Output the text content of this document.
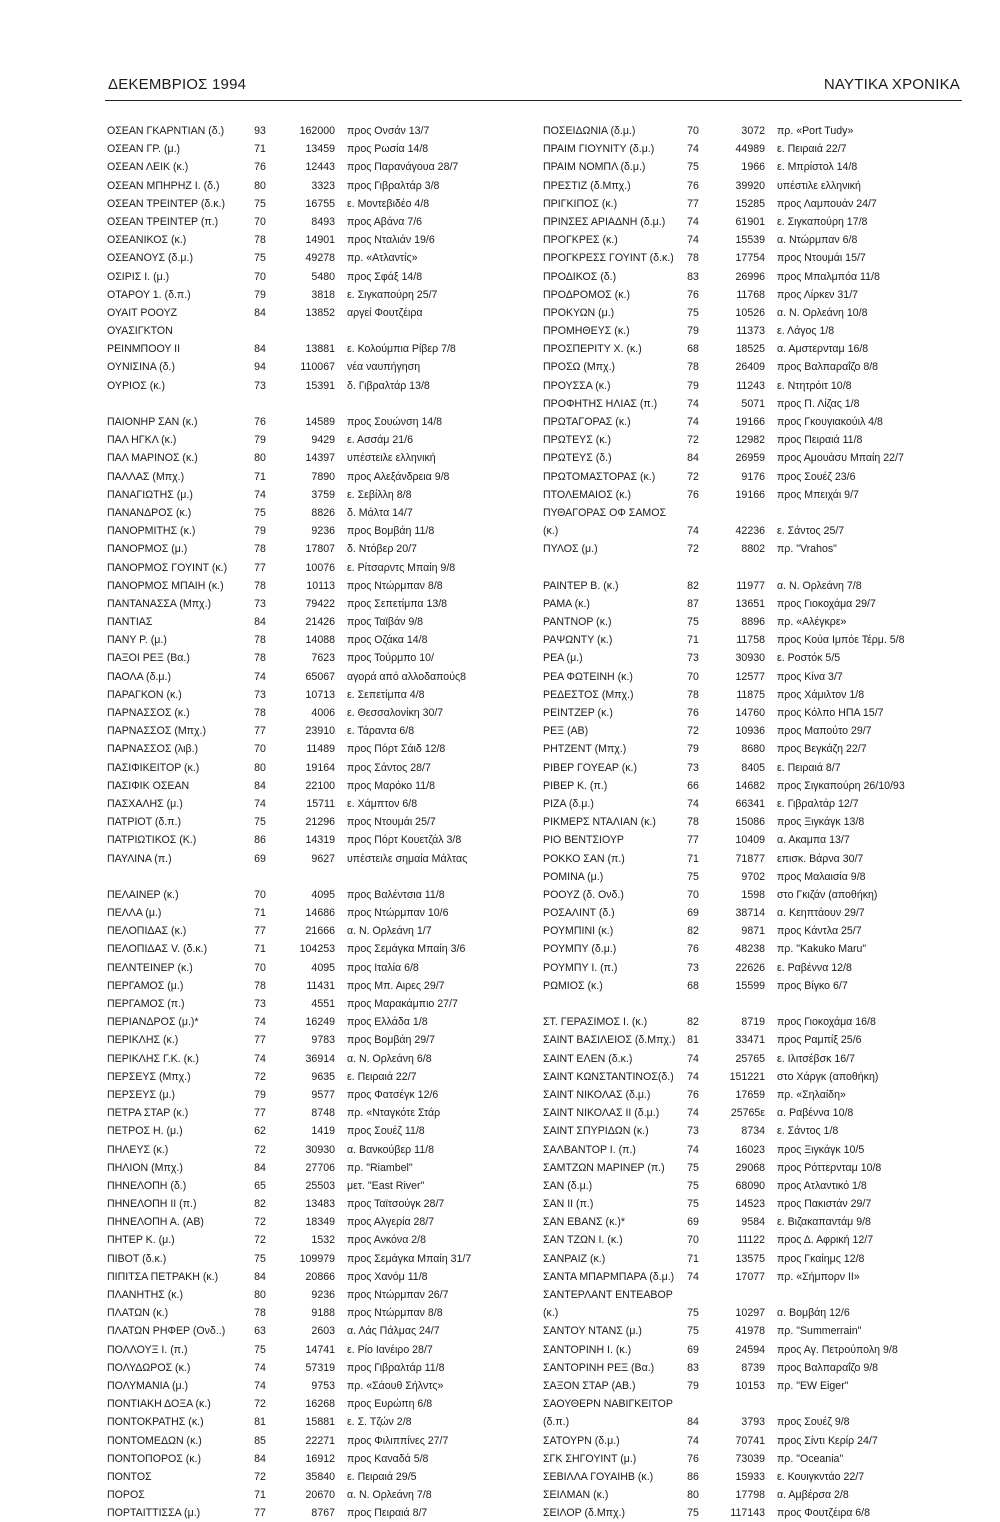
ΔΕΚΕΜΒΡΙΟΣ 1994	ΝΑΥΤΙΚΑ ΧΡΟΝΙΚΑ
ΟΣΕΑΝ ΓΚΑΡΝΤΙΑΝ (δ.)	93	162000 προς Ονσάν 13/7
ΟΣΕΑΝ ΓΡ. (μ.)	71	13459 προς Ρωσία 14/8
ΟΣΕΑΝ ΛΕΙΚ (κ.)	76	12443 προς Παρανάγουα 28/7
ΟΣΕΑΝ ΜΠΗΡΗΖ Ι. (δ.)	80	3323 προς Γιβραλτάρ 3/8
ΟΣΕΑΝ ΤΡΕΙΝΤΕΡ (δ.κ.)	75	16755 ε. Μοντεβιδέο 4/8
ΟΣΕΑΝ ΤΡΕΙΝΤΕΡ (π.)	70	8493 προς Αβάνα 7/6
ΟΣΕΑΝΙΚΟΣ (κ.)	78	14901 προς Νταλιάν 19/6
ΟΣΕΑΝΟΥΣ (δ.μ.)	75	49278 πρ. «Ατλαντίς»
ΟΣΙΡΙΣ Ι. (μ.)	70	5480 προς Σφάξ 14/8
ΟΤΑΡΟΥ 1. (δ.π.)	79	3818 ε. Σιγκαπούρη 25/7
ΟΥΑΙΤ ΡΟΟΥΖ	84	13852 αργεί Φουτζέιρα
ΟΥΑΣΙΓΚΤΟΝ
ΡΕΙΝΜΠΟΟΥ ΙΙ	84	13881 ε. Κολούμπια Ρίβερ 7/8
ΟΥΝΙΣΙΝΑ (δ.)	94	110067 νέα ναυπήγηση
ΟΥΡΙΟΣ (κ.)	73	15391 δ. Γιβραλτάρ 13/8
ΠΑΙΟΝΗΡ ΣΑΝ (κ.)	76	14589 προς Σουώνση 14/8
ΠΑΛ ΗΓΚΛ (κ.)	79	9429 ε. Ασσάμ 21/6
ΠΑΛ ΜΑΡΙΝΟΣ (κ.)	80	14397 υπέστειλε ελληνική
ΠΑΛΛΑΣ (Μπχ.)	71	7890 προς Αλεξάνδρεια 9/8
ΠΑΝΑΓΙΩΤΗΣ (μ.)	74	3759 ε. Σεβίλλη 8/8
ΠΑΝΑΝΔΡΟΣ (κ.)	75	8826 δ. Μάλτα 14/7
ΠΑΝΟΡΜΙΤΗΣ (κ.)	79	9236 προς Βομβάη 11/8
ΠΑΝΟΡΜΟΣ (μ.)	78	17807 δ. Ντόβερ 20/7
ΠΑΝΟΡΜΟΣ ΓΟΥΙΝΤ (κ.)	77	10076 ε. Ρίτσαρντς Μπαίη 9/8
ΠΑΝΟΡΜΟΣ ΜΠΑΙΗ (κ.)	78	10113 προς Ντώρμπαν 8/8
ΠΑΝΤΑΝΑΣΣΑ (Μπχ.)	73	79422 προς Σεπετίμπα 13/8
ΠΑΝΤΙΑΣ	84	21426 προς Ταϊβάν 9/8
ΠΑΝΥ Ρ. (μ.)	78	14088 προς Οζάκα 14/8
ΠΑΞΟΙ ΡΕΞ (Βα.)	78	7623 προς Τούρμπο 10/
ΠΑΟΛΑ (δ.μ.)	74	65067 αγορά από αλλοδαπούς8
ΠΑΡΑΓΚΟΝ (κ.)	73	10713 ε. Σεπετίμπα 4/8
ΠΑΡΝΑΣΣΟΣ (κ.)	78	4006 ε. Θεσσαλονίκη 30/7
ΠΑΡΝΑΣΣΟΣ (Μπχ.)	77	23910 ε. Τάραντα 6/8
ΠΑΡΝΑΣΣΟΣ (λιβ.)	70	11489 προς Πόρτ Σάιδ 12/8
ΠΑΣΙΦΙΚΕΙΤΟΡ (κ.)	80	19164 προς Σάντος 28/7
ΠΑΣΙΦΙΚ ΟΣΕΑΝ	84	22100 προς Μαρόκο 11/8
ΠΑΣΧΑΛΗΣ (μ.)	74	15711 ε. Χάμπτον 6/8
ΠΑΤΡΙΟΤ (δ.π.)	75	21296 προς Ντουμάι 25/7
ΠΑΤΡΙΩΤΙΚΟΣ (Κ.)	86	14319 προς Πόρτ Κουετζάλ 3/8
ΠΑΥΛΙΝΑ (π.)	69	9627 υπέστειλε σημαία Μάλτας
ΠΕΛΑΙΝΕΡ (κ.)	70	4095 προς Βαλέντσια 11/8
ΠΕΛΛΑ (μ.)	71	14686 προς Ντώρμπαν 10/6
ΠΕΛΟΠΙΔΑΣ (κ.)	77	21666 α. Ν. Ορλεάνη 1/7
ΠΕΛΟΠΙΔΑΣ V. (δ.κ.)	71	104253 προς Σεμάγκα Μπαίη 3/6
ΠΕΛΝΤΕΙΝΕΡ (κ.)	70	4095 προς Ιταλία 6/8
ΠΕΡΓΑΜΟΣ (μ.)	78	11431 προς Μπ. Αιρες 29/7
ΠΕΡΓΑΜΟΣ (π.)	73	4551 προς Μαρακάμπιο 27/7
ΠΕΡΙΑΝΔΡΟΣ (μ.)*	74	16249 προς Ελλάδα 1/8
ΠΕΡΙΚΛΗΣ (κ.)	77	9783 προς Βομβάη 29/7
ΠΕΡΙΚΛΗΣ Γ.Κ. (κ.)	74	36914 α. Ν. Ορλεάνη 6/8
ΠΕΡΣΕΥΣ (Μπχ.)	72	9635 ε. Πειραιά 22/7
ΠΕΡΣΕΥΣ (μ.)	79	9577 προς Φατσέγκ 12/6
ΠΕΤΡΑ ΣΤΑΡ (κ.)	77	8748 πρ. «Νταγκότε Στάρ
ΠΕΤΡΟΣ Η. (μ.)	62	1419 προς Σουέζ 11/8
ΠΗΛΕΥΣ (κ.)	72	30930 α. Βανκούβερ 11/8
ΠΗΛΙΟΝ (Μπχ.)	84	27706 πρ. "Riambel"
ΠΗΝΕΛΟΠΗ (δ.)	65	25503 μετ. "East River"
ΠΗΝΕΛΟΠΗ ΙΙ (π.)	82	13483 προς Ταϊτσούγκ 28/7
ΠΗΝΕΛΟΠΗ Α. (ΑΒ)	72	18349 προς Αλγερία 28/7
ΠΗΤΕΡ Κ. (μ.)	72	1532 προς Ανκόνα 2/8
ΠΙΒΟΤ (δ.κ.)	75	109979 προς Σεμάγκα Μπαίη 31/7
ΠΙΠΙΤΣΑ ΠΕΤΡΑΚΗ (κ.)	84	20866 προς Χανόμ 11/8
ΠΛΑΝΗΤΗΣ (κ.)	80	9236 προς Ντώρμπαν 26/7
ΠΛΑΤΩΝ (κ.)	78	9188 προς Ντώρμπαν 8/8
ΠΛΑΤΩΝ ΡΗΦΕΡ (Ονδ..)	63	2603 α. Λάς Πάλμας 24/7
ΠΟΛΛΟΥΞ Ι. (π.)	75	14741 ε. Ρίο Ιανέιρο 28/7
ΠΟΛΥΔΩΡΟΣ (κ.)	74	57319 προς Γιβραλτάρ 11/8
ΠΟΛΥΜΑΝΙΑ (μ.)	74	9753 πρ. «Σάουθ Σήλντς»
ΠΟΝΤΙΑΚΗ ΔΟΞΑ (κ.)	72	16268 προς Ευρώπη 6/8
ΠΟΝΤΟΚΡΑΤΗΣ (κ.)	81	15881 ε. Σ. Τζών 2/8
ΠΟΝΤΟΜΕΔΩΝ (κ.)	85	22271 προς Φιλιππίνες 27/7
ΠΟΝΤΟΠΟΡΟΣ (κ.)	84	16912 προς Καναδά 5/8
ΠΟΝΤΟΣ	72	35840 ε. Πειραιά 29/5
ΠΟΡΟΣ	71	20670 α. Ν. Ορλεάνη 7/8
ΠΟΡΤΑΙΤΤΙΣΣΑ (μ.)	77	8767 προς Πειραιά 8/7
ΠΟΣΕΙΔΩΝΙΑ (δ.μ.)	70	3072 πρ. «Port Tudy»
ΠΡΑΙΜ ΓΙΟΥΝΙΤΥ (δ.μ.)	74	44989 ε. Πειραιά 22/7
ΠΡΑΙΜ ΝΟΜΠΛ (δ.μ.)	75	1966 ε. Μπρίστολ 14/8
ΠΡΕΣΤΙΖ (δ.Μπχ.)	76	39920 υπέστιλε ελληνική
ΠΡΙΓΚΙΠΟΣ (κ.)	77	15285 προς Λαμπουάν 24/7
ΠΡΙΝΣΕΣ ΑΡΙΑΔΝΗ (δ.μ.)	74	61901 ε. Σιγκαπούρη 17/8
ΠΡΟΓΚΡΕΣ (κ.)	74	15539 α. Ντώρμπαν 6/8
ΠΡΟΓΚΡΕΣΣ ΓΟΥΙΝΤ (δ.κ.)	78	17754 προς Ντουμάι 15/7
ΠΡΟΔΙΚΟΣ (δ.)	83	26996 προς Μπαλμπόα 11/8
ΠΡΟΔΡΟΜΟΣ (κ.)	76	11768 προς Λίρκεν 31/7
ΠΡΟΚΥΩΝ (μ.)	75	10526 α. Ν. Ορλεάνη 10/8
ΠΡΟΜΗΘΕΥΣ (κ.)	79	11373 ε. Λάγος 1/8
ΠΡΟΣΠΕΡΙΤΥ Χ. (κ.)	68	18525 α. Αμστερνταμ 16/8
ΠΡΟΣΩ (Μπχ.)	78	26409 προς Βαλπαραΐζο 8/8
ΠΡΟΥΣΣΑ (κ.)	79	11243 ε. Ντητρόιτ 10/8
ΠΡΟΦΗΤΗΣ ΗΛΙΑΣ (π.)	74	5071 προς Π. Λίζας 1/8
ΠΡΩΤΑΓΟΡΑΣ (κ.)	74	19166 προς Γκουγιακούιλ 4/8
ΠΡΩΤΕΥΣ (κ.)	72	12982 προς Πειραιά 11/8
ΠΡΩΤΕΥΣ (δ.)	84	26959 προς Αμουάσυ Μπαίη 22/7
ΠΡΩΤΟΜΑΣΤΟΡΑΣ (κ.)	72	9176 προς Σουέζ 23/6
ΠΤΟΛΕΜΑΙΟΣ (κ.)	76	19166 προς Μπειχάι 9/7
ΠΥΘΑΓΟΡΑΣ ΟΦ ΣΑΜΟΣ
(κ.)	74	42236 ε. Σάντος 25/7
ΠΥΛΟΣ (μ.)	72	8802 πρ. "Vrahos"
ΡΑΙΝΤΕΡ Β. (κ.)	82	11977 α. Ν. Ορλεάνη 7/8
ΡΑΜΑ (κ.)	87	13651 προς Γιοκοχάμα 29/7
ΡΑΝΤΝΟΡ (κ.)	75	8896 πρ. «Αλέγκρε»
ΡΑΨΩΝΤΥ (κ.)	71	11758 προς Κούα Ιμπόε Τέρμ. 5/8
ΡΕΑ (μ.)	73	30930 ε. Ροστόκ 5/5
ΡΕΑ ΦΩΤΕΙΝΗ (κ.)	70	12577 προς Κίνα 3/7
ΡΕΔΕΣΤΟΣ (Μπχ.)	78	11875 προς Χάμιλτον 1/8
ΡΕΙΝΤΖΕΡ (κ.)	76	14760 προς Κόλπο ΗΠΑ 15/7
ΡΕΞ (ΑΒ)	72	10936 προς Μαπούτο 29/7
ΡΗΤΖΕΝΤ (Μπχ.)	79	8680 προς Βεγκάζη 22/7
ΡΙΒΕΡ ΓΟΥΕΑΡ (κ.)	73	8405 ε. Πειραιά 8/7
ΡΙΒΕΡ Κ. (π.)	66	14682 προς Σιγκαπούρη 26/10/93
ΡΙΖΑ (δ.μ.)	74	66341 ε. Γιβραλτάρ 12/7
ΡΙΚΜΕΡΣ ΝΤΑΛΙΑΝ (κ.)	78	15086 προς Ξιγκάγκ 13/8
ΡΙΟ ΒΕΝΤΣΙΟΥΡ	77	10409 α. Ακαμπα 13/7
ΡΟΚΚΟ ΣΑΝ (π.)	71	71877 επισκ. Βάρνα 30/7
ΡΟΜΙΝΑ (μ.)	75	9702 προς Μαλαισία 9/8
ΡΟΟΥΖ (δ. Ονδ.)	70	1598 στο Γκιζάν (αποθήκη)
ΡΟΣΑΛΙΝΤ (δ.)	69	38714 α. Κεηπτάουν 29/7
ΡΟΥΜΠΙΝΙ (κ.)	82	9871 προς Κάντλα 25/7
ΡΟΥΜΠΥ (δ.μ.)	76	48238 πρ. "Kakuko Maru"
ΡΟΥΜΠΥ Ι. (π.)	73	22626 ε. Ραβέννα 12/8
ΡΩΜΙΟΣ (κ.)	68	15599 προς Βίγκο 6/7
ΣΤ. ΓΕΡΑΣΙΜΟΣ Ι. (κ.)	82	8719 προς Γιοκοχάμα 16/8
ΣΑΙΝΤ ΒΑΣΙΛΕΙΟΣ (δ.Μπχ.)	81	33471 προς Ραμπίξ 25/6
ΣΑΙΝΤ ΕΛΕΝ (δ.κ.)	74	25765 ε. Ιλιτσέβσκ 16/7
ΣΑΙΝΤ ΚΩΝΣΤΑΝΤΙΝΟΣ(δ.)	74	151221 στο Χάργκ (αποθήκη)
ΣΑΙΝΤ ΝΙΚΟΛΑΣ (δ.μ.)	76	17659 πρ. «Σηλαίδη»
ΣΑΙΝΤ ΝΙΚΟΛΑΣ ΙΙ (δ.μ.)	74	25765ε α. Ραβέννα 10/8
ΣΑΙΝΤ ΣΠΥΡΙΔΩΝ (κ.)	73	8734 ε. Σάντος 1/8
ΣΑΛΒΑΝΤΟΡ Ι. (π.)	74	16023 προς Ξιγκάγκ 10/5
ΣΑΜΤΖΩΝ ΜΑΡΙΝΕΡ (π.)	75	29068 προς Ρόττερνταμ 10/8
ΣΑΝ (δ.μ.)	75	68090 προς Ατλαντικό 1/8
ΣΑΝ ΙΙ (π.)	75	14523 προς Πακιστάν 29/7
ΣΑΝ ΕΒΑΝΣ (κ.)*	69	9584 ε. Βιζακαπαντάμ 9/8
ΣΑΝ ΤΖΩΝ Ι. (κ.)	70	11122 προς Δ. Αφρική 12/7
ΣΑΝΡΑΙΖ (κ.)	71	13575 προς Γκαίημς 12/8
ΣΑΝΤΑ ΜΠΑΡΜΠΑΡΑ (δ.μ.)	74	17077 πρ. «Σήμπορν ΙΙ»
ΣΑΝΤΕΡΛΑΝΤ ΕΝΤΕΑΒΟΡ
(κ.)	75	10297 α. Βομβάη 12/6
ΣΑΝΤΟΥ ΝΤΑΝΣ (μ.)	75	41978 πρ. "Summerrain"
ΣΑΝΤΟΡΙΝΗ Ι. (κ.)	69	24594 προς Αγ. Πετρούπολη 9/8
ΣΑΝΤΟΡΙΝΗ ΡΕΞ (Βα.)	83	8739 προς Βαλπαραΐζο 9/8
ΣΑΞΟΝ ΣΤΑΡ (ΑΒ.)	79	10153 πρ. "EW Eiger"
ΣΑΟΥΘΕΡΝ ΝΑΒΙΓΚΕΙΤΟΡ
(δ.π.)	84	3793 προς Σουέζ 9/8
ΣΑΤΟΥΡΝ (δ.μ.)	74	70741 προς Σίντι Κερίρ 24/7
ΣΓΚ ΣΗΓΟΥΙΝΤ (μ.)	76	73039 πρ. "Oceania"
ΣΕΒΙΛΛΑ ΓΟΥΑΙΗΒ (κ.)	86	15933 ε. Κουιγκντάο 22/7
ΣΕΙΛΜΑΝ (κ.)	80	17798 α. Αμβέρσα 2/8
ΣΕΙΛΟΡ (δ.Μπχ.)	75	117143 προς Φουτζέιρα 6/8
